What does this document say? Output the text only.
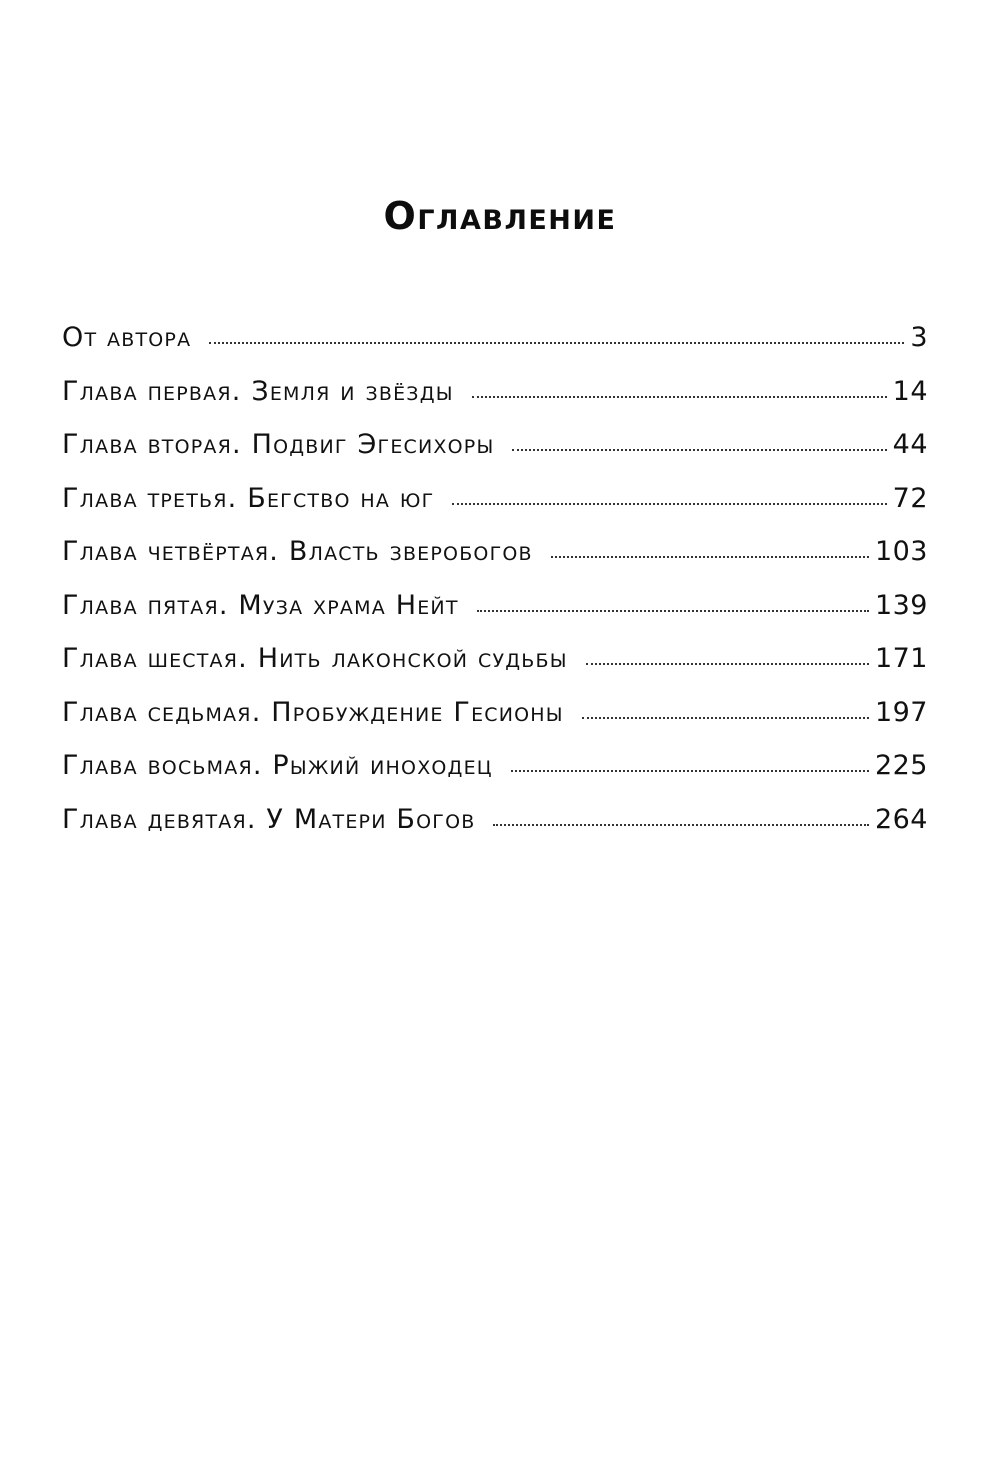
Оглавление
От автора	3
Глава первая. Земля и звёзды	14
Глава вторая. Подвиг Эгесихоры	44
Глава третья. Бегство на юг	72
Глава четвёртая. Власть зверобогов	103
Глава пятая. Муза храма Нейт	139
Глава шестая. Нить лаконской судьбы	171
Глава седьмая. Пробуждение Гесионы	197
Глава восьмая. Рыжий иноходец	225
Глава девятая. У Матери Богов	264
